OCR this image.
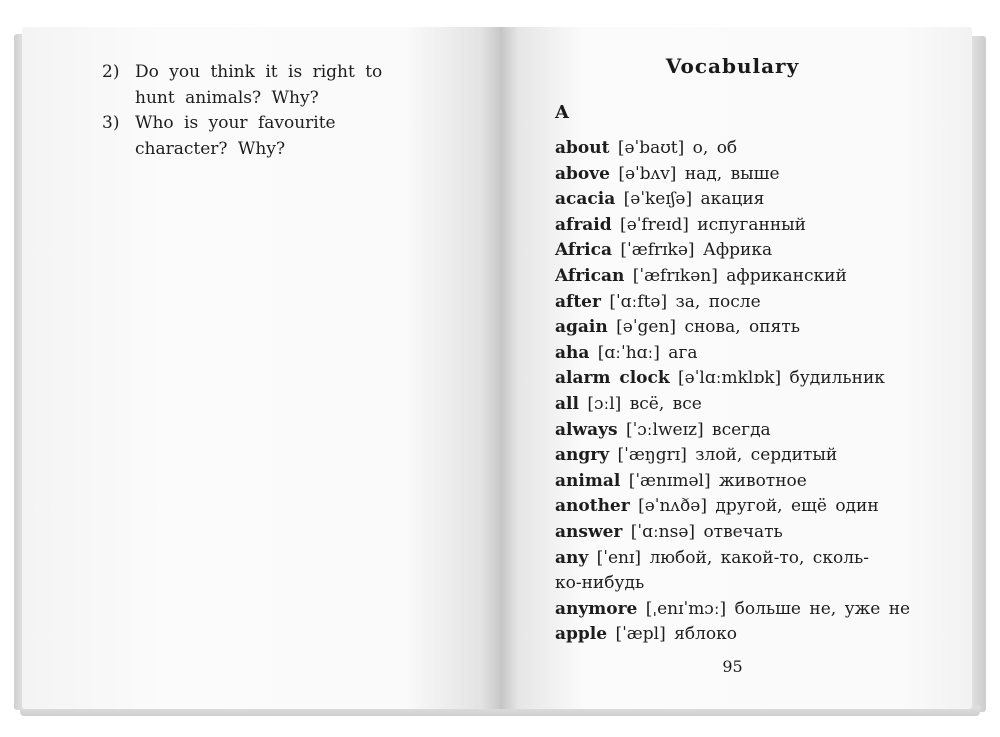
2) Do you think it is right to hunt animals? Why?
3) Who is your favourite character? Why?
Vocabulary
A
about [əˈbaʊt] о, об
above [əˈbʌv] над, выше
acacia [əˈkeɪʃə] акация
afraid [əˈfreɪd] испуганный
Africa [ˈæfrɪkə] Африка
African [ˈæfrɪkən] африканский
after [ˈɑːftə] за, после
again [əˈgen] снова, опять
aha [ɑːˈhɑː] ага
alarm clock [əˈlɑːmklɒk] будильник
all [ɔːl] всё, все
always [ˈɔːlweɪz] всегда
angry [ˈæŋgrɪ] злой, сердитый
animal [ˈænɪməl] животное
another [əˈnʌðə] другой, ещё один
answer [ˈɑːnsə] отвечать
any [ˈenɪ] любой, какой-то, сколь-
ко-нибудь
anymore [ˌenɪˈmɔː] больше не, уже не
apple [ˈæpl] яблоко
95
